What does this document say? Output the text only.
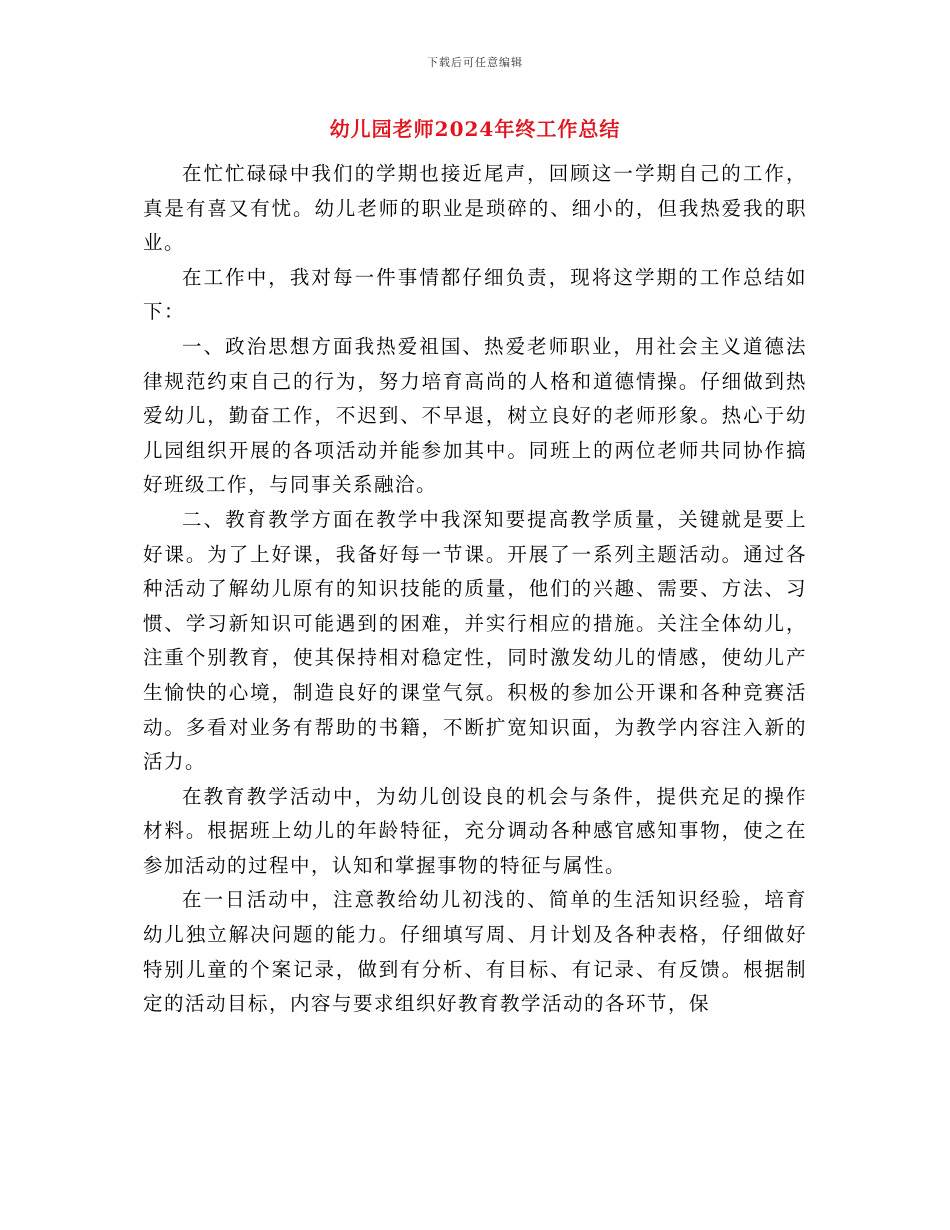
下载后可任意编辑
幼儿园老师2024年终工作总结

在忙忙碌碌中我们的学期也接近尾声，回顾这一学期自己的工作，真是有喜又有忧。幼儿老师的职业是琐碎的、细小的，但我热爱我的职业。

在工作中，我对每一件事情都仔细负责，现将这学期的工作总结如下：

一、政治思想方面我热爱祖国、热爱老师职业，用社会主义道德法律规范约束自己的行为，努力培育高尚的人格和道德情操。仔细做到热爱幼儿，勤奋工作，不迟到、不早退，树立良好的老师形象。热心于幼儿园组织开展的各项活动并能参加其中。同班上的两位老师共同协作搞好班级工作，与同事关系融洽。

二、教育教学方面在教学中我深知要提高教学质量，关键就是要上好课。为了上好课，我备好每一节课。开展了一系列主题活动。通过各种活动了解幼儿原有的知识技能的质量，他们的兴趣、需要、方法、习惯、学习新知识可能遇到的困难，并实行相应的措施。关注全体幼儿，注重个别教育，使其保持相对稳定性，同时激发幼儿的情感，使幼儿产生愉快的心境，制造良好的课堂气氛。积极的参加公开课和各种竞赛活动。多看对业务有帮助的书籍，不断扩宽知识面，为教学内容注入新的活力。

在教育教学活动中，为幼儿创设良的机会与条件，提供充足的操作材料。根据班上幼儿的年龄特征，充分调动各种感官感知事物，使之在参加活动的过程中，认知和掌握事物的特征与属性。

在一日活动中，注意教给幼儿初浅的、简单的生活知识经验，培育幼儿独立解决问题的能力。仔细填写周、月计划及各种表格，仔细做好特别儿童的个案记录，做到有分析、有目标、有记录、有反馈。根据制定的活动目标，内容与要求组织好教育教学活动的各环节，保
